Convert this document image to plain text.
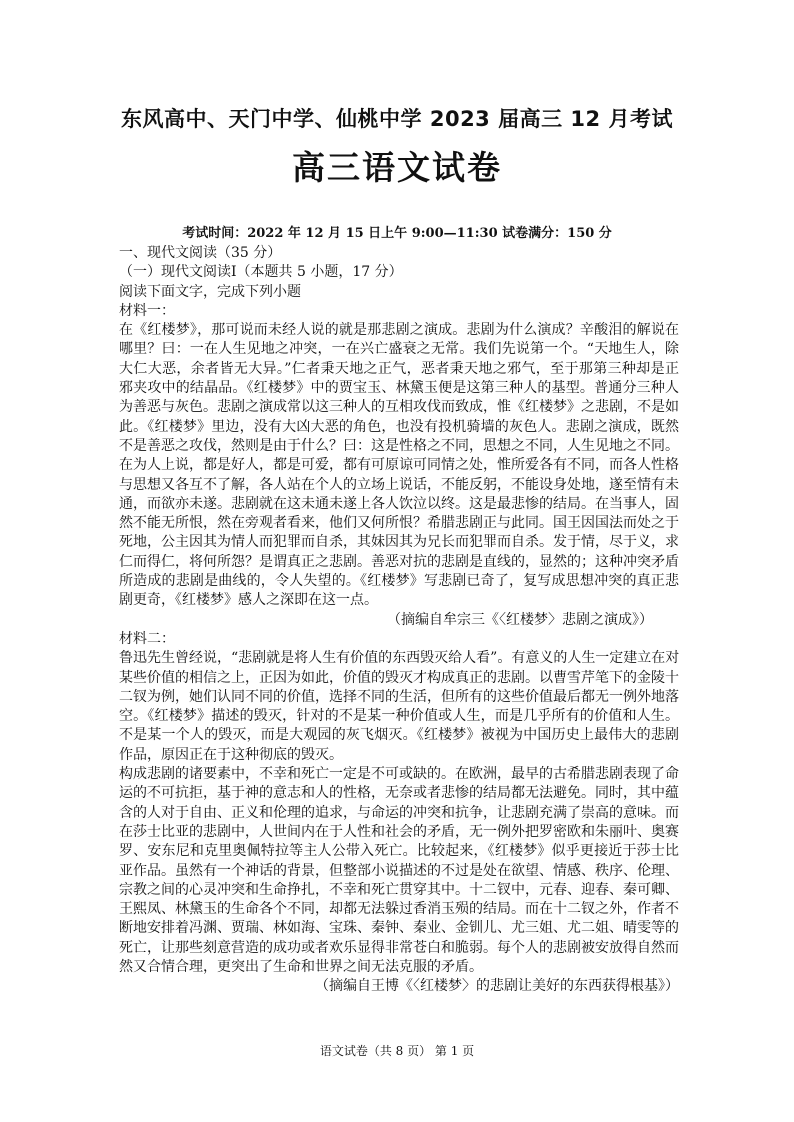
东风高中、天门中学、仙桃中学 2023 届高三 12 月考试
高三语文试卷
考试时间：2022 年 12 月 15 日上午 9:00—11:30 试卷满分：150 分
一、现代文阅读（35 分）
（一）现代文阅读Ⅰ（本题共 5 小题，17 分）
阅读下面文字，完成下列小题
材料一：
在《红楼梦》，那可说而未经人说的就是那悲剧之演成。悲剧为什么演成？辛酸泪的解说在
哪里？曰：一在人生见地之冲突，一在兴亡盛衰之无常。我们先说第一个。“天地生人，除
大仁大恶，余者皆无大异。”仁者秉天地之正气，恶者秉天地之邪气，至于那第三种却是正
邪夹攻中的结晶品。《红楼梦》中的贾宝玉、林黛玉便是这第三种人的基型。普通分三种人
为善恶与灰色。悲剧之演成常以这三种人的互相攻伐而致成，惟《红楼梦》之悲剧，不是如
此。《红楼梦》里边，没有大凶大恶的角色，也没有投机骑墙的灰色人。悲剧之演成，既然
不是善恶之攻伐，然则是由于什么？曰：这是性格之不同，思想之不同，人生见地之不同。
在为人上说，都是好人，都是可爱，都有可原谅可同情之处，惟所爱各有不同，而各人性格
与思想又各互不了解，各人站在个人的立场上说话，不能反躬，不能设身处地，遂至情有未
通，而欲亦未遂。悲剧就在这未通未遂上各人饮泣以终。这是最悲惨的结局。在当事人，固
然不能无所恨，然在旁观者看来，他们又何所恨？希腊悲剧正与此同。国王因国法而处之于
死地，公主因其为情人而犯罪而自杀，其妹因其为兄长而犯罪而自杀。发于情，尽于义，求
仁而得仁，将何所怨？是谓真正之悲剧。善恶对抗的悲剧是直线的，显然的；这种冲突矛盾
所造成的悲剧是曲线的，令人失望的。《红楼梦》写悲剧已奇了，复写成思想冲突的真正悲
剧更奇，《红楼梦》感人之深即在这一点。
（摘编自牟宗三《〈红楼梦〉悲剧之演成》）
材料二：
鲁迅先生曾经说，“悲剧就是将人生有价值的东西毁灭给人看”。有意义的人生一定建立在对
某些价值的相信之上，正因为如此，价值的毁灭才构成真正的悲剧。以曹雪芹笔下的金陵十
二钗为例，她们认同不同的价值，选择不同的生活，但所有的这些价值最后都无一例外地落
空。《红楼梦》描述的毁灭，针对的不是某一种价值或人生，而是几乎所有的价值和人生。
不是某一个人的毁灭，而是大观园的灰飞烟灭。《红楼梦》被视为中国历史上最伟大的悲剧
作品，原因正在于这种彻底的毁灭。
构成悲剧的诸要素中，不幸和死亡一定是不可或缺的。在欧洲，最早的古希腊悲剧表现了命
运的不可抗拒，基于神的意志和人的性格，无奈或者悲惨的结局都无法避免。同时，其中蕴
含的人对于自由、正义和伦理的追求，与命运的冲突和抗争，让悲剧充满了崇高的意味。而
在莎士比亚的悲剧中，人世间内在于人性和社会的矛盾，无一例外把罗密欧和朱丽叶、奥赛
罗、安东尼和克里奥佩特拉等主人公带入死亡。比较起来，《红楼梦》似乎更接近于莎士比
亚作品。虽然有一个神话的背景，但整部小说描述的不过是处在欲望、情感、秩序、伦理、
宗教之间的心灵冲突和生命挣扎，不幸和死亡贯穿其中。十二钗中，元春、迎春、秦可卿、
王熙凤、林黛玉的生命各个不同，却都无法躲过香消玉殒的结局。而在十二钗之外，作者不
断地安排着冯渊、贾瑞、林如海、宝珠、秦钟、秦业、金钏儿、尤三姐、尤二姐、晴雯等的
死亡，让那些刻意营造的成功或者欢乐显得非常苍白和脆弱。每个人的悲剧被安放得自然而
然又合情合理，更突出了生命和世界之间无法克服的矛盾。
（摘编自王博《〈红楼梦〉的悲剧让美好的东西获得根基》）
语文试卷（共 8 页） 第 1 页
